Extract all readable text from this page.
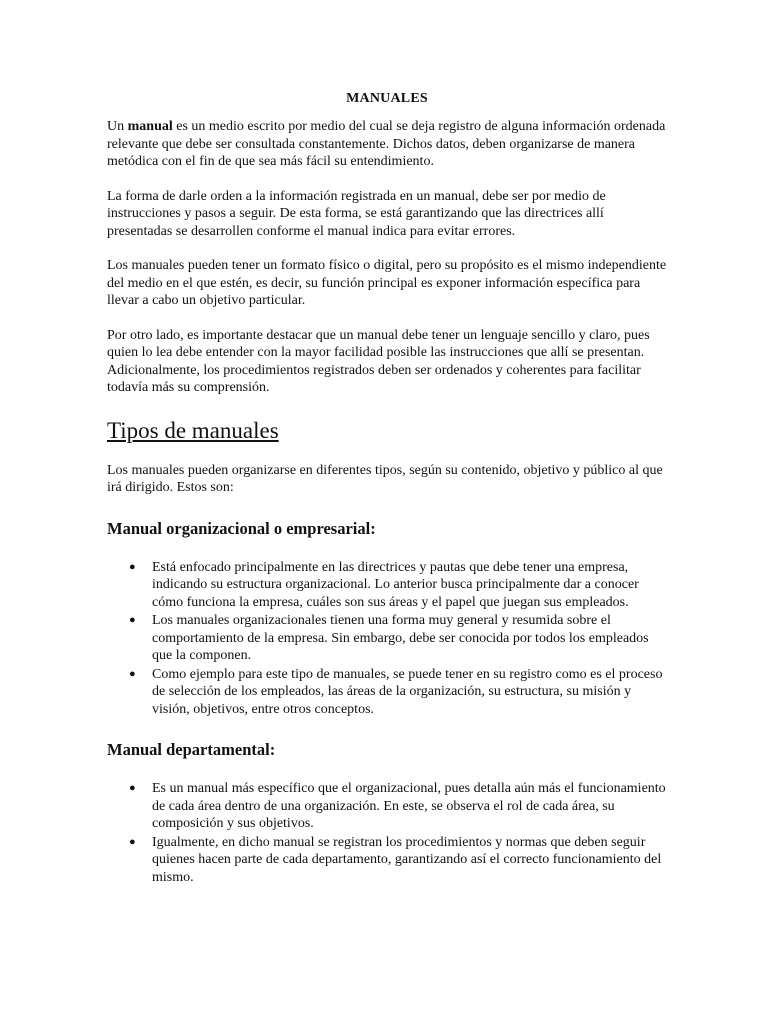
MANUALES

Un manual es un medio escrito por medio del cual se deja registro de alguna información ordenada relevante que debe ser consultada constantemente. Dichos datos, deben organizarse de manera metódica con el fin de que sea más fácil su entendimiento.

La forma de darle orden a la información registrada en un manual, debe ser por medio de instrucciones y pasos a seguir. De esta forma, se está garantizando que las directrices allí presentadas se desarrollen conforme el manual indica para evitar errores.

Los manuales pueden tener un formato físico o digital, pero su propósito es el mismo independiente del medio en el que estén, es decir, su función principal es exponer información específica para llevar a cabo un objetivo particular.

Por otro lado, es importante destacar que un manual debe tener un lenguaje sencillo y claro, pues quien lo lea debe entender con la mayor facilidad posible las instrucciones que allí se presentan. Adicionalmente, los procedimientos registrados deben ser ordenados y coherentes para facilitar todavía más su comprensión.

Tipos de manuales

Los manuales pueden organizarse en diferentes tipos, según su contenido, objetivo y público al que irá dirigido. Estos son:

Manual organizacional o empresarial:
● Está enfocado principalmente en las directrices y pautas que debe tener una empresa, indicando su estructura organizacional. Lo anterior busca principalmente dar a conocer cómo funciona la empresa, cuáles son sus áreas y el papel que juegan sus empleados.
● Los manuales organizacionales tienen una forma muy general y resumida sobre el comportamiento de la empresa. Sin embargo, debe ser conocida por todos los empleados que la componen.
● Como ejemplo para este tipo de manuales, se puede tener en su registro como es el proceso de selección de los empleados, las áreas de la organización, su estructura, su misión y visión, objetivos, entre otros conceptos.
Manual departamental:
● Es un manual más específico que el organizacional, pues detalla aún más el funcionamiento de cada área dentro de una organización. En este, se observa el rol de cada área, su composición y sus objetivos.
● Igualmente, en dicho manual se registran los procedimientos y normas que deben seguir quienes hacen parte de cada departamento, garantizando así el correcto funcionamiento del mismo.
